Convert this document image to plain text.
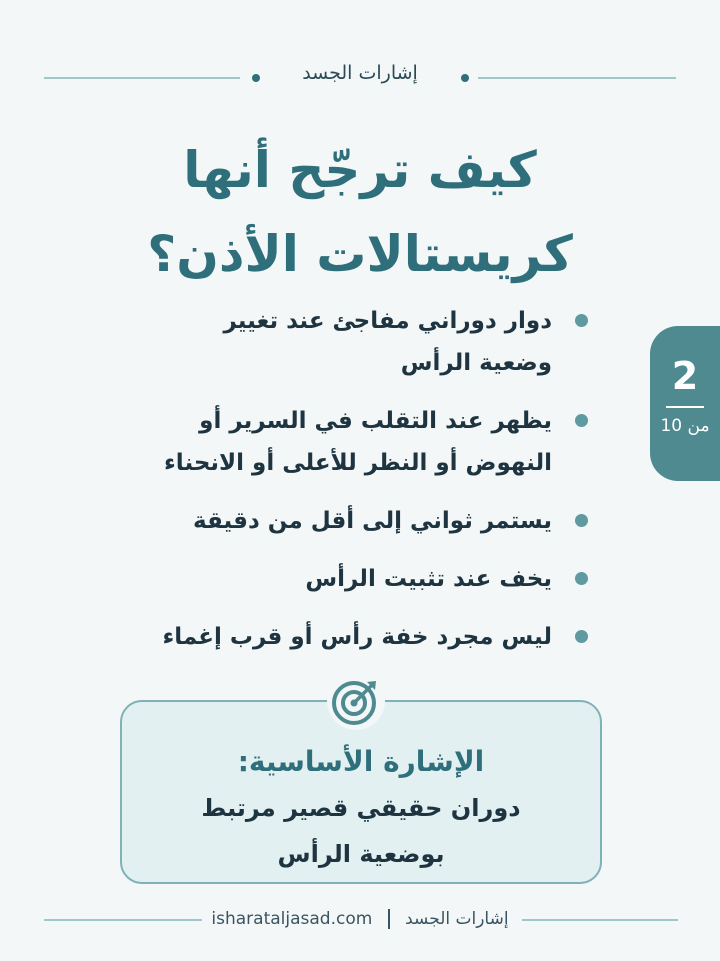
إشارات الجسد
كيف ترجّح أنها
كريستالات الأذن؟
دوار دوراني مفاجئ عند تغيير
وضعية الرأس
يظهر عند التقلب في السرير أو
النهوض أو النظر للأعلى أو الانحناء
يستمر ثواني إلى أقل من دقيقة
يخف عند تثبيت الرأس
ليس مجرد خفة رأس أو قرب إغماء
2
من 10
الإشارة الأساسية:
دوران حقيقي قصير مرتبط
بوضعية الرأس
isharataljasad.com إشارات الجسد
